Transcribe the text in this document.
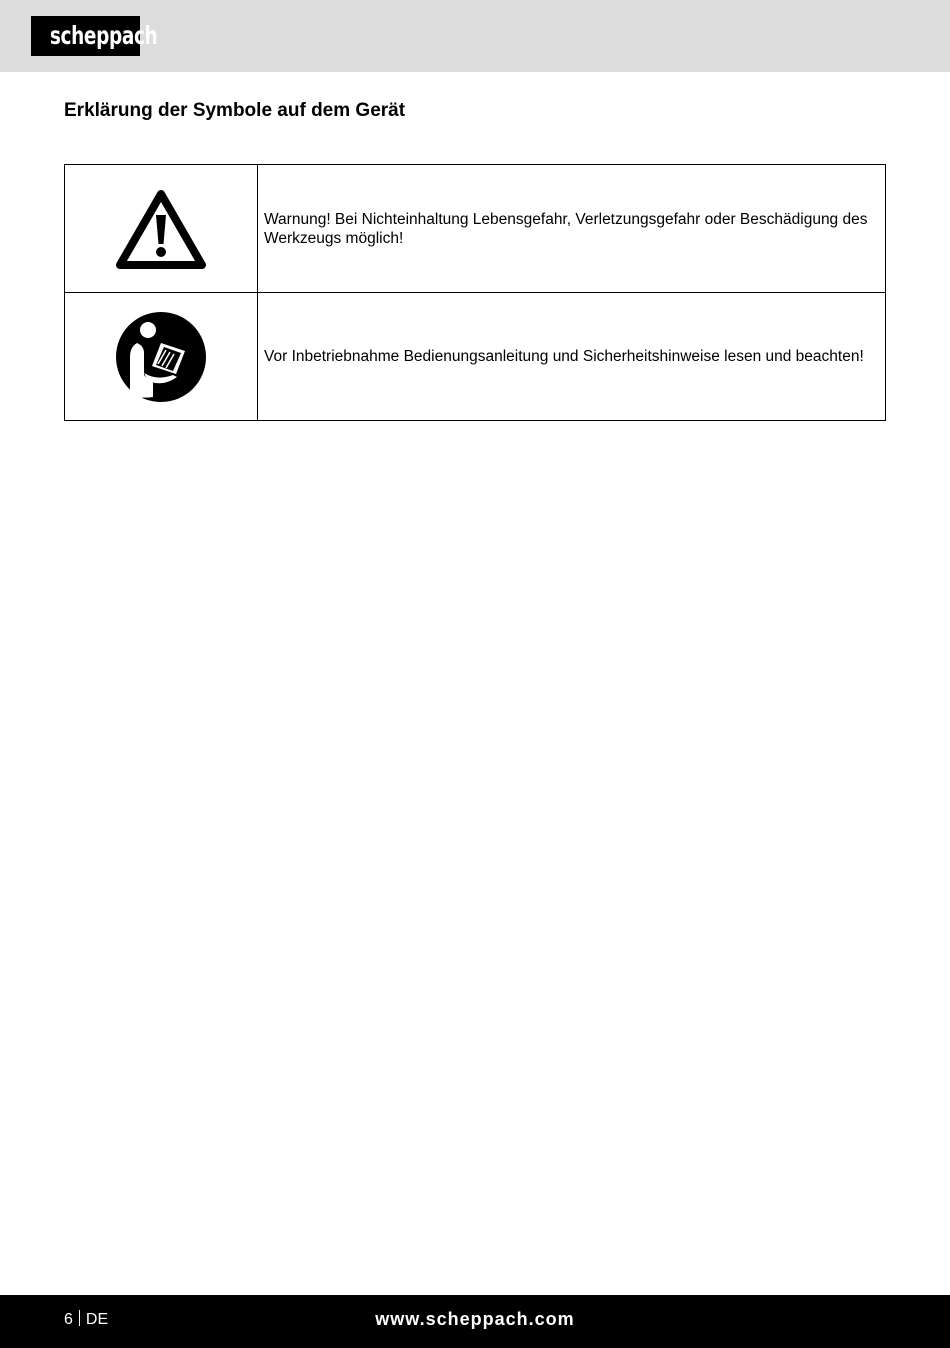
scheppach
Erklärung der Symbole auf dem Gerät
	Warnung! Bei Nichteinhaltung Lebensgefahr, Verletzungsgefahr oder Beschädigung des Werkzeugs möglich!

	Vor Inbetriebnahme Bedienungsanleitung und Sicherheitshinweise lesen und beachten!
6 DE	www.scheppach.com
